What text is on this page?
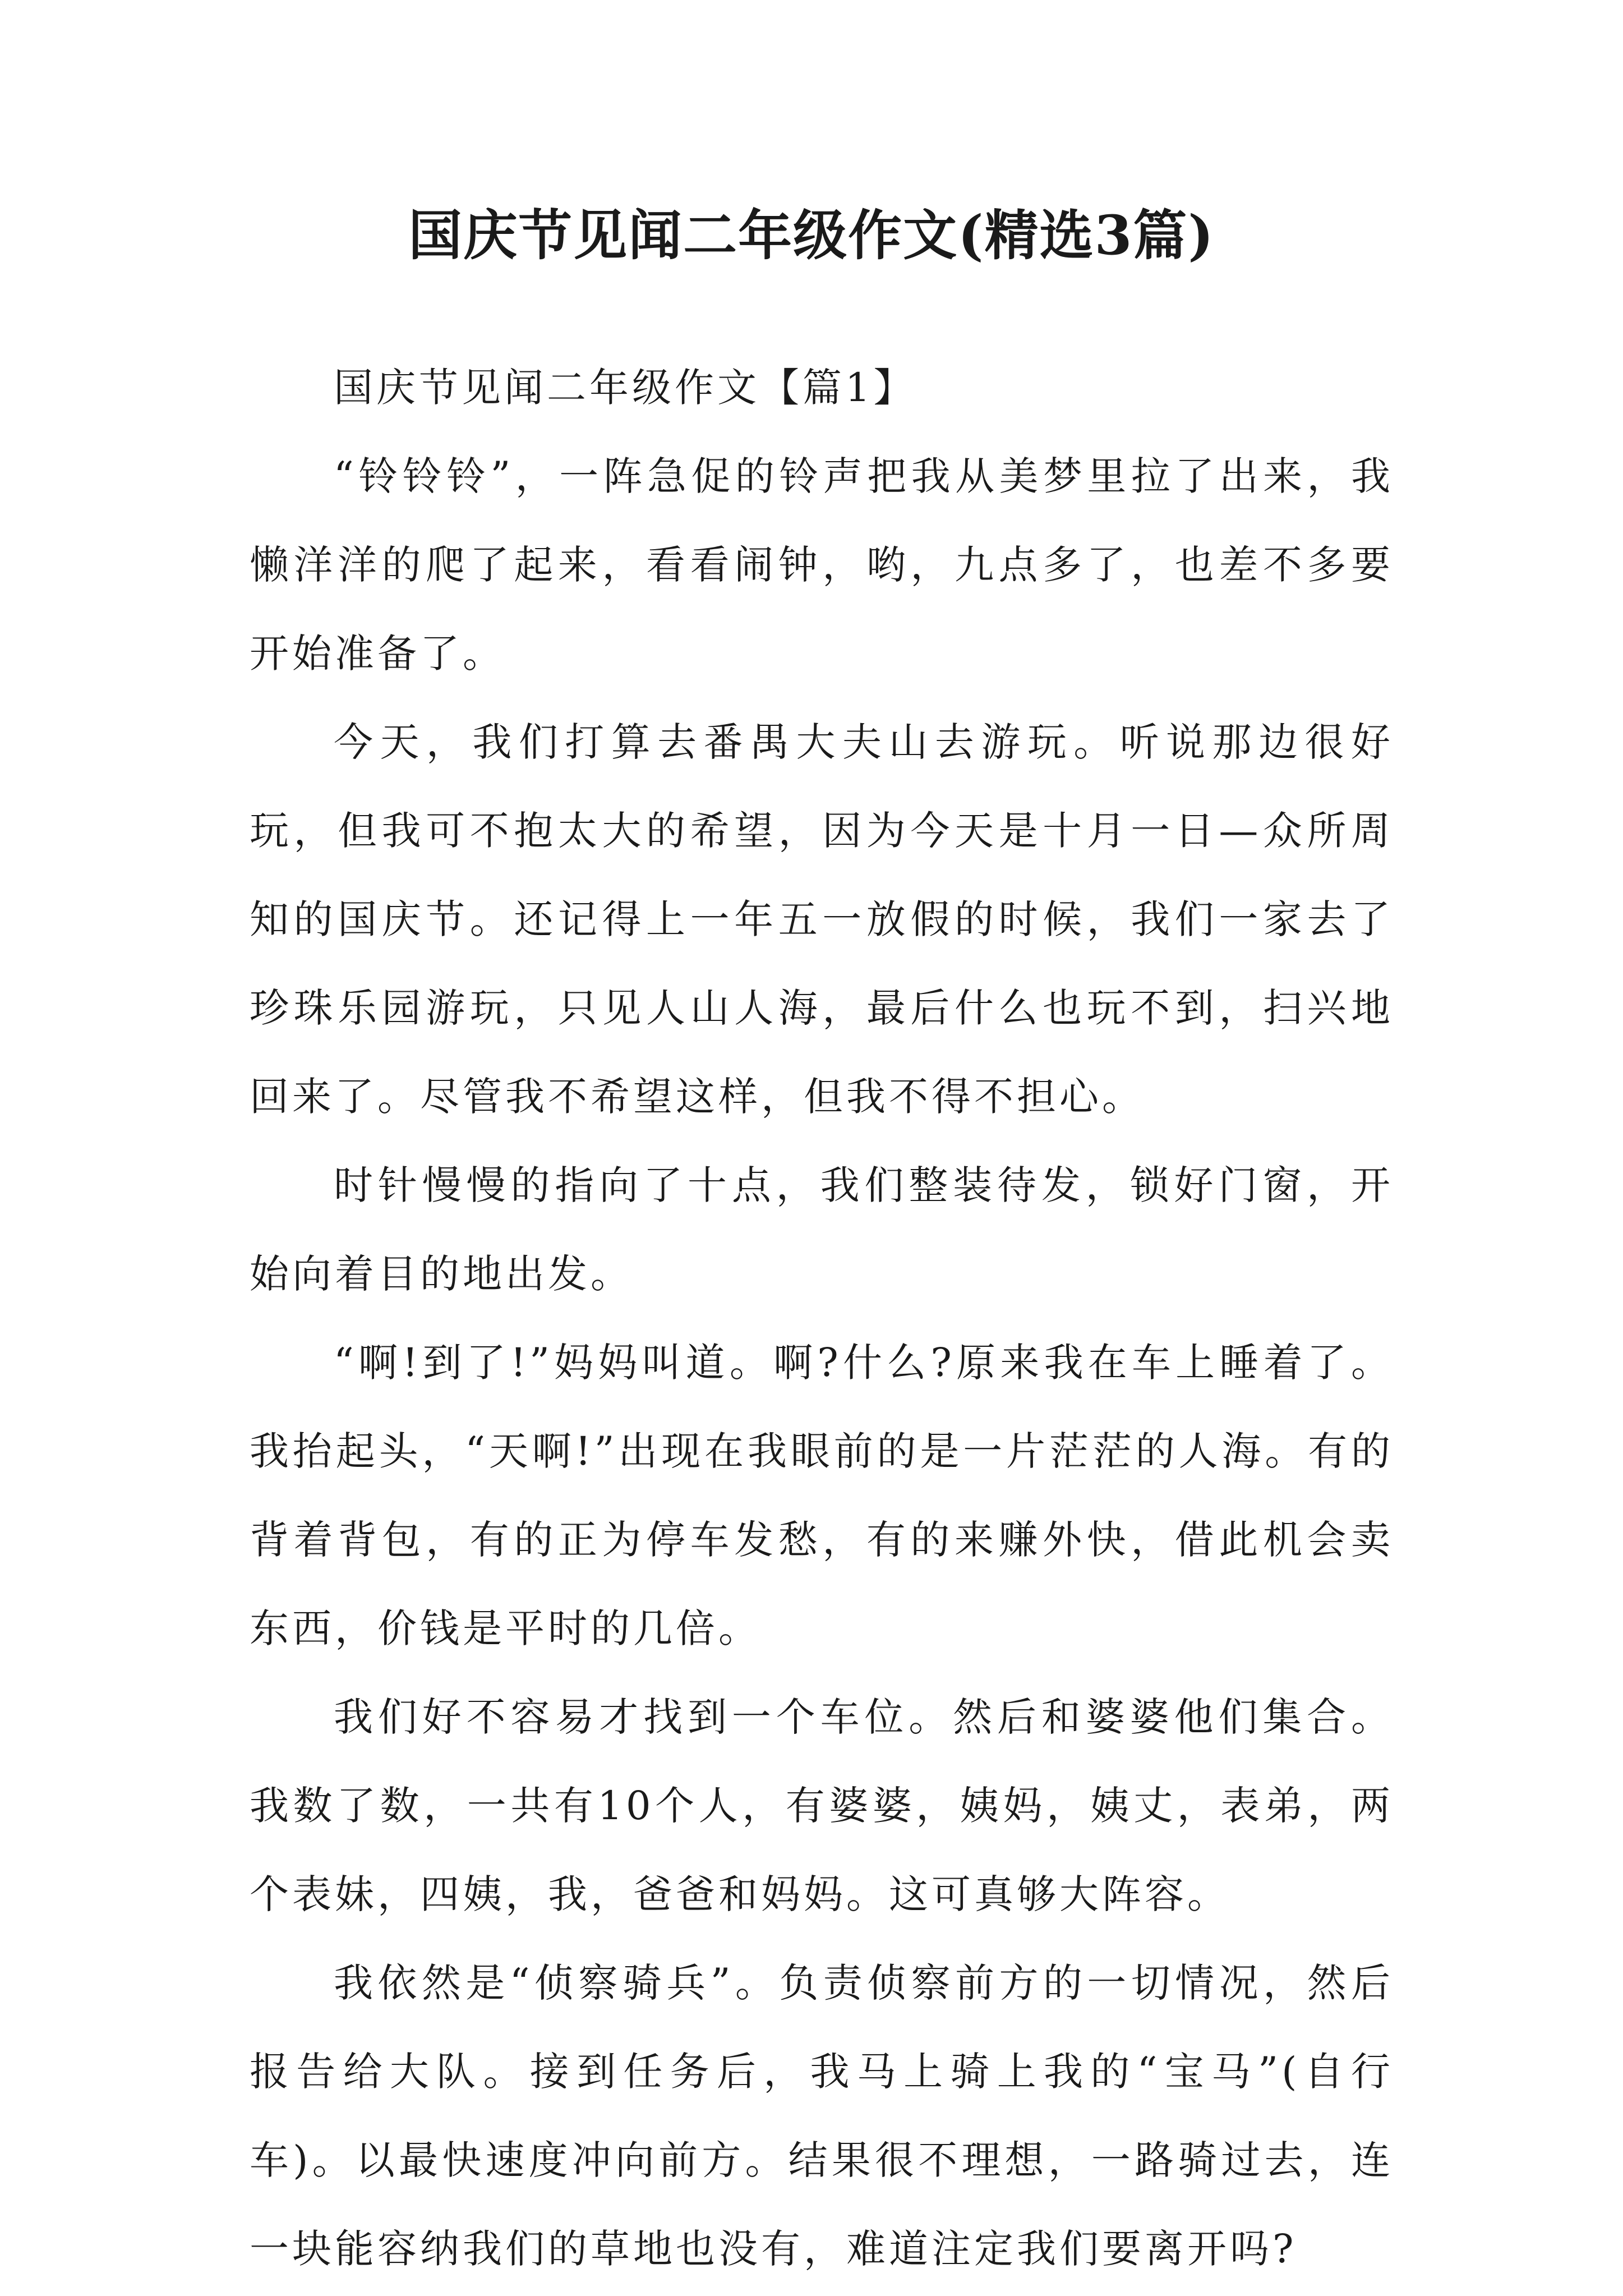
国庆节见闻二年级作文(精选3篇)

国庆节见闻二年级作文【篇1】

“铃铃铃”，一阵急促的铃声把我从美梦里拉了出来，我懒洋洋的爬了起来，看看闹钟，哟，九点多了，也差不多要开始准备了。

今天，我们打算去番禺大夫山去游玩。听说那边很好玩，但我可不抱太大的希望，因为今天是十月一日—众所周知的国庆节。还记得上一年五一放假的时候，我们一家去了珍珠乐园游玩，只见人山人海，最后什么也玩不到，扫兴地回来了。尽管我不希望这样，但我不得不担心。

时针慢慢的指向了十点，我们整装待发，锁好门窗，开始向着目的地出发。

“啊!到了!”妈妈叫道。啊?什么?原来我在车上睡着了。我抬起头，“天啊!”出现在我眼前的是一片茫茫的人海。有的背着背包，有的正为停车发愁，有的来赚外快，借此机会卖东西，价钱是平时的几倍。

我们好不容易才找到一个车位。然后和婆婆他们集合。我数了数，一共有10个人，有婆婆，姨妈，姨丈，表弟，两个表妹，四姨，我，爸爸和妈妈。这可真够大阵容。

我依然是“侦察骑兵”。负责侦察前方的一切情况，然后报告给大队。接到任务后，我马上骑上我的“宝马”(自行车)。以最快速度冲向前方。结果很不理想，一路骑过去，连一块能容纳我们的草地也没有，难道注定我们要离开吗?
